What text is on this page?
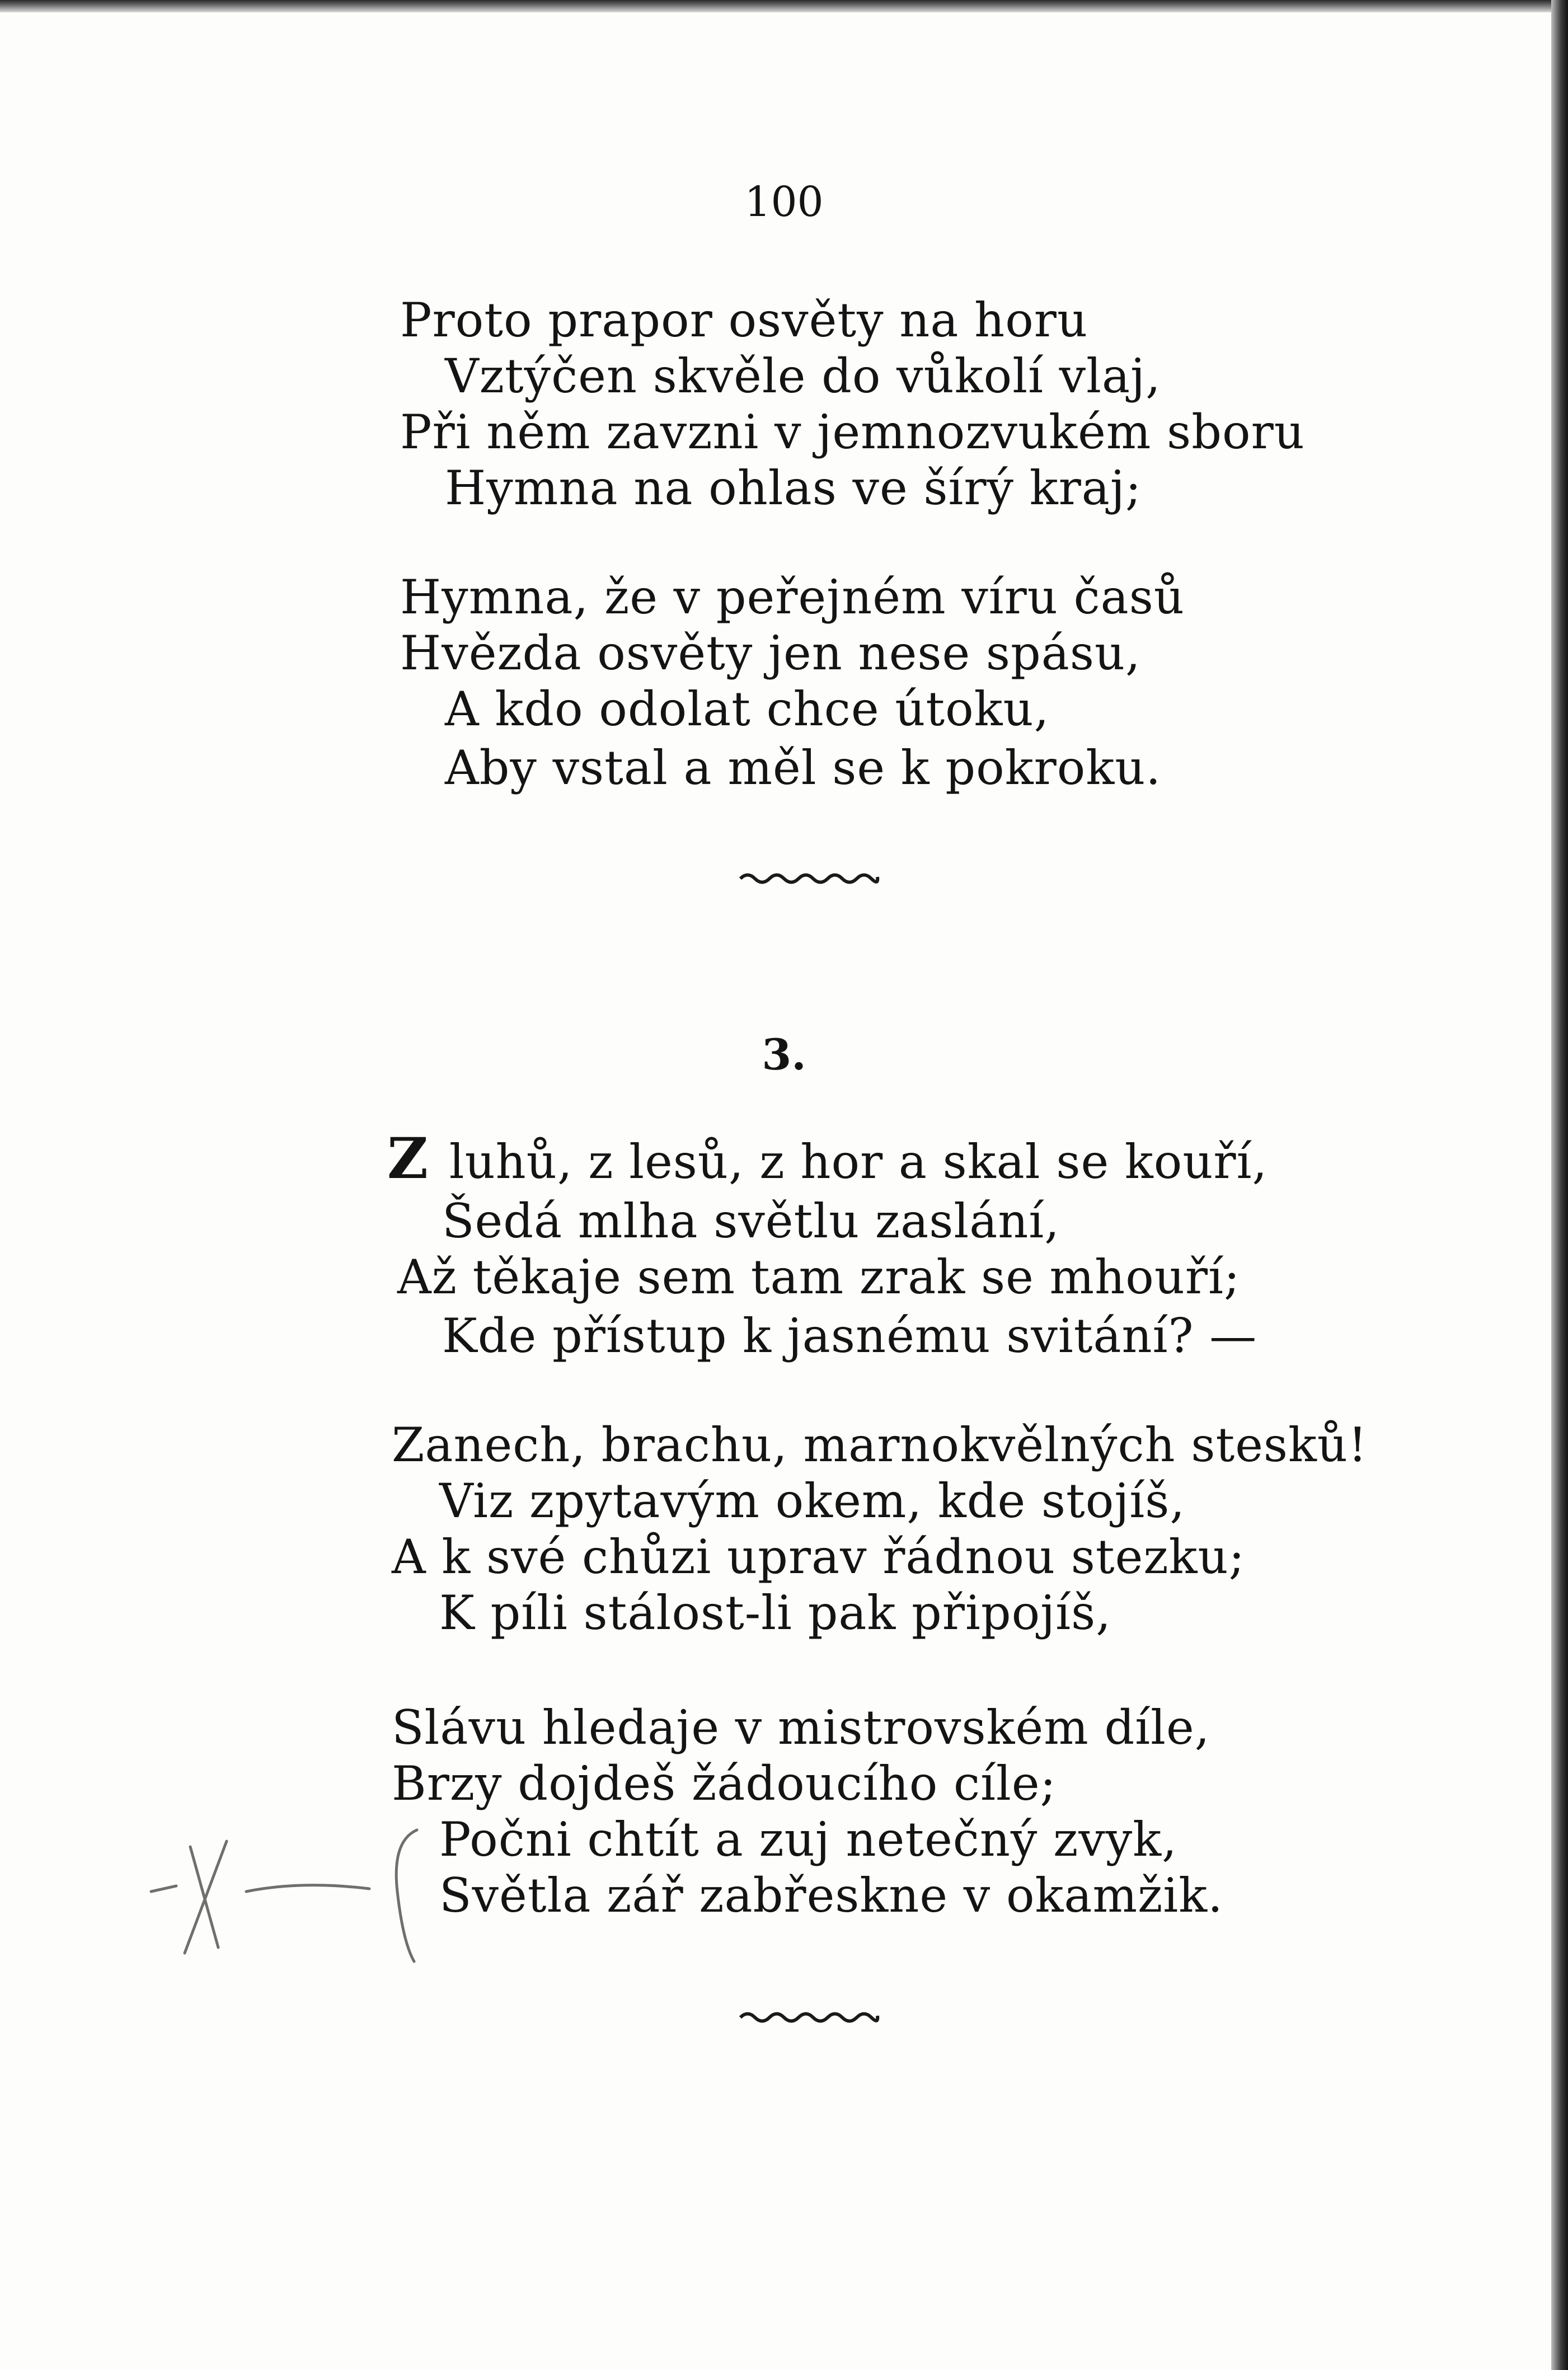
100
Proto prapor osvěty na horu
Vztýčen skvěle do vůkolí vlaj,
Při něm zavzni v jemnozvukém sboru
Hymna na ohlas ve šírý kraj;
Hymna, že v peřejném víru časů
Hvězda osvěty jen nese spásu,
A kdo odolat chce útoku,
Aby vstal a měl se k pokroku.
3.
Z luhů, z lesů, z hor a skal se kouří,
Šedá mlha světlu zaslání,
Až těkaje sem tam zrak se mhouří;
Kde přístup k jasnému svitání? —
Zanech, brachu, marnokvělných stesků!
Viz zpytavým okem, kde stojíš,
A k své chůzi uprav řádnou stezku;
K píli stálost-li pak připojíš,
Slávu hledaje v mistrovském díle,
Brzy dojdeš žádoucího cíle;
Počni chtít a zuj netečný zvyk,
Světla zář zabřeskne v okamžik.
